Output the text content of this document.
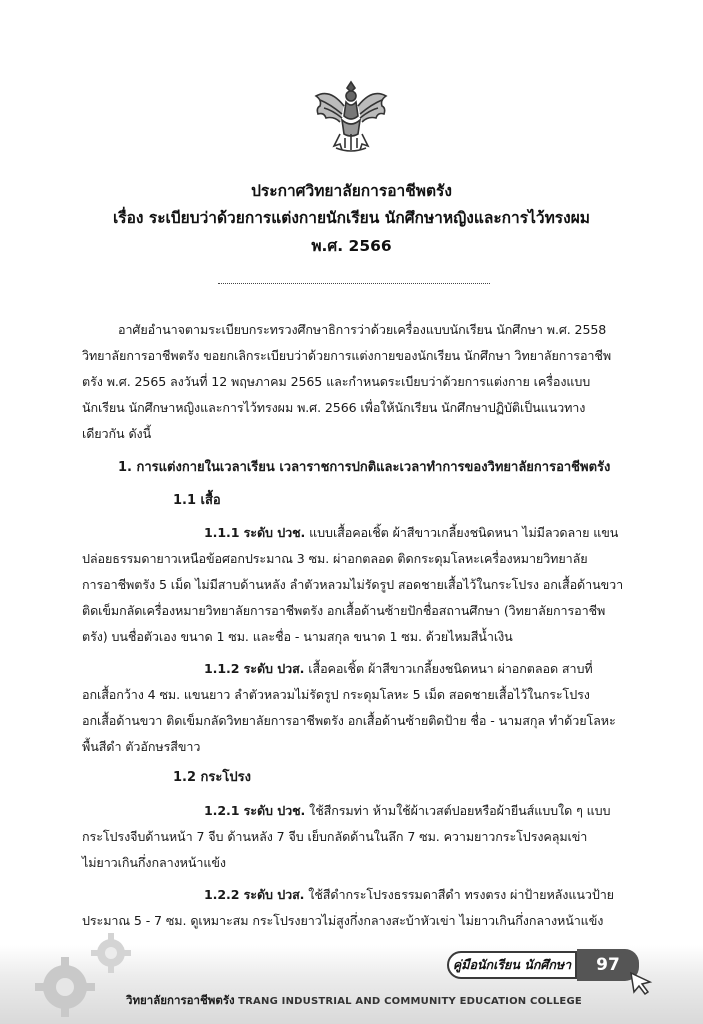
ประกาศวิทยาลัยการอาชีพตรัง
เรื่อง ระเบียบว่าด้วยการแต่งกายนักเรียน นักศึกษาหญิงและการไว้ทรงผม
พ.ศ. 2566
อาศัยอำนาจตามระเบียบกระทรวงศึกษาธิการว่าด้วยเครื่องแบบนักเรียน นักศึกษา พ.ศ. 2558
วิทยาลัยการอาชีพตรัง ขอยกเลิกระเบียบว่าด้วยการแต่งกายของนักเรียน นักศึกษา วิทยาลัยการอาชีพ
ตรัง พ.ศ. 2565 ลงวันที่ 12 พฤษภาคม 2565 และกำหนดระเบียบว่าด้วยการแต่งกาย เครื่องแบบ
นักเรียน นักศึกษาหญิงและการไว้ทรงผม พ.ศ. 2566 เพื่อให้นักเรียน นักศึกษาปฏิบัติเป็นแนวทาง
เดียวกัน ดังนี้
1. การแต่งกายในเวลาเรียน เวลาราชการปกติและเวลาทำการของวิทยาลัยการอาชีพตรัง
1.1 เสื้อ
1.1.1 ระดับ ปวช. แบบเสื้อคอเชิ้ต ผ้าสีขาวเกลี้ยงชนิดหนา ไม่มีลวดลาย แขน
ปล่อยธรรมดายาวเหนือข้อศอกประมาณ 3 ซม. ผ่าอกตลอด ติดกระดุมโลหะเครื่องหมายวิทยาลัย
การอาชีพตรัง 5 เม็ด ไม่มีสาบด้านหลัง ลำตัวหลวมไม่รัดรูป สอดชายเสื้อไว้ในกระโปรง อกเสื้อด้านขวา
ติดเข็มกลัดเครื่องหมายวิทยาลัยการอาชีพตรัง อกเสื้อด้านซ้ายปักชื่อสถานศึกษา (วิทยาลัยการอาชีพ
ตรัง) บนชื่อตัวเอง ขนาด 1 ซม. และชื่อ - นามสกุล ขนาด 1 ซม. ด้วยไหมสีน้ำเงิน
1.1.2 ระดับ ปวส. เสื้อคอเชิ้ต ผ้าสีขาวเกลี้ยงชนิดหนา ผ่าอกตลอด สาบที่
อกเสื้อกว้าง 4 ซม. แขนยาว ลำตัวหลวมไม่รัดรูป กระดุมโลหะ 5 เม็ด สอดชายเสื้อไว้ในกระโปรง
อกเสื้อด้านขวา ติดเข็มกลัดวิทยาลัยการอาชีพตรัง อกเสื้อด้านซ้ายติดป้าย ชื่อ - นามสกุล ทำด้วยโลหะ
พื้นสีดำ ตัวอักษรสีขาว
1.2 กระโปรง
1.2.1 ระดับ ปวช. ใช้สีกรมท่า ห้ามใช้ผ้าเวสต์ปอยหรือผ้ายีนส์แบบใด ๆ แบบ
กระโปรงจีบด้านหน้า 7 จีบ ด้านหลัง 7 จีบ เย็บกลัดด้านในลึก 7 ซม. ความยาวกระโปรงคลุมเข่า
ไม่ยาวเกินกึ่งกลางหน้าแข้ง
1.2.2 ระดับ ปวส. ใช้สีดำกระโปรงธรรมดาสีดำ ทรงตรง ผ่าป้ายหลังแนวป้าย
ประมาณ 5 - 7 ซม. ดูเหมาะสม กระโปรงยาวไม่สูงกึ่งกลางสะบ้าหัวเข่า ไม่ยาวเกินกึ่งกลางหน้าแข้ง
คู่มือนักเรียน นักศึกษา	97
วิทยาลัยการอาชีพตรัง TRANG INDUSTRIAL AND COMMUNITY EDUCATION COLLEGE
